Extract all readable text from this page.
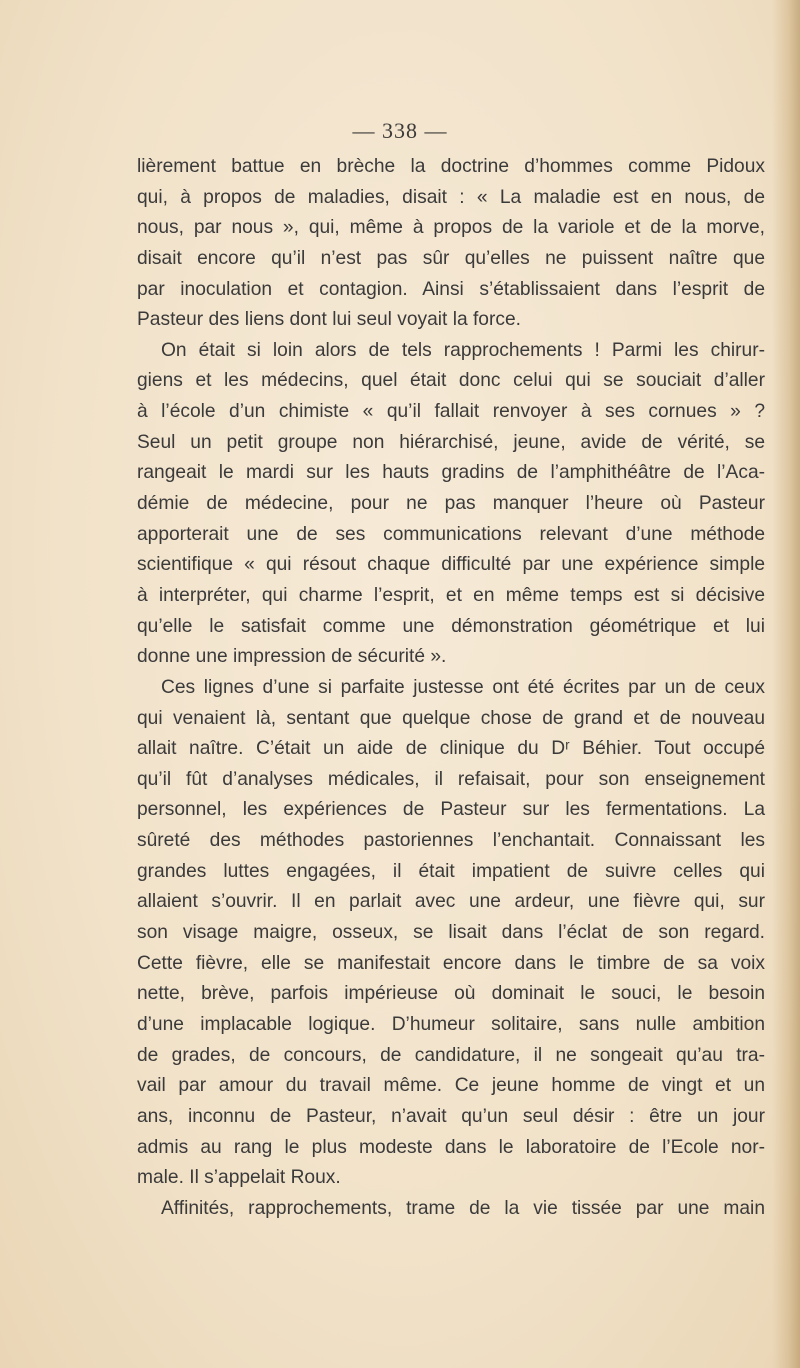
— 338 —
lièrement battue en brèche la doctrine d’hommes comme Pidoux
qui, à propos de maladies, disait : « La maladie est en nous, de
nous, par nous », qui, même à propos de la variole et de la morve,
disait encore qu’il n’est pas sûr qu’elles ne puissent naître que
par inoculation et contagion. Ainsi s’établissaient dans l’esprit de
Pasteur des liens dont lui seul voyait la force.
On était si loin alors de tels rapprochements ! Parmi les chirur-
giens et les médecins, quel était donc celui qui se souciait d’aller
à l’école d’un chimiste « qu’il fallait renvoyer à ses cornues » ?
Seul un petit groupe non hiérarchisé, jeune, avide de vérité, se
rangeait le mardi sur les hauts gradins de l’amphithéâtre de l’Aca-
démie de médecine, pour ne pas manquer l’heure où Pasteur
apporterait une de ses communications relevant d’une méthode
scientifique « qui résout chaque difficulté par une expérience simple
à interpréter, qui charme l’esprit, et en même temps est si décisive
qu’elle le satisfait comme une démonstration géométrique et lui
donne une impression de sécurité ».
Ces lignes d’une si parfaite justesse ont été écrites par un de ceux
qui venaient là, sentant que quelque chose de grand et de nouveau
allait naître. C’était un aide de clinique du Dʳ Béhier. Tout occupé
qu’il fût d’analyses médicales, il refaisait, pour son enseignement
personnel, les expériences de Pasteur sur les fermentations. La
sûreté des méthodes pastoriennes l’enchantait. Connaissant les
grandes luttes engagées, il était impatient de suivre celles qui
allaient s’ouvrir. Il en parlait avec une ardeur, une fièvre qui, sur
son visage maigre, osseux, se lisait dans l’éclat de son regard.
Cette fièvre, elle se manifestait encore dans le timbre de sa voix
nette, brève, parfois impérieuse où dominait le souci, le besoin
d’une implacable logique. D’humeur solitaire, sans nulle ambition
de grades, de concours, de candidature, il ne songeait qu’au tra-
vail par amour du travail même. Ce jeune homme de vingt et un
ans, inconnu de Pasteur, n’avait qu’un seul désir : être un jour
admis au rang le plus modeste dans le laboratoire de l’Ecole nor-
male. Il s’appelait Roux.
Affinités, rapprochements, trame de la vie tissée par une main
